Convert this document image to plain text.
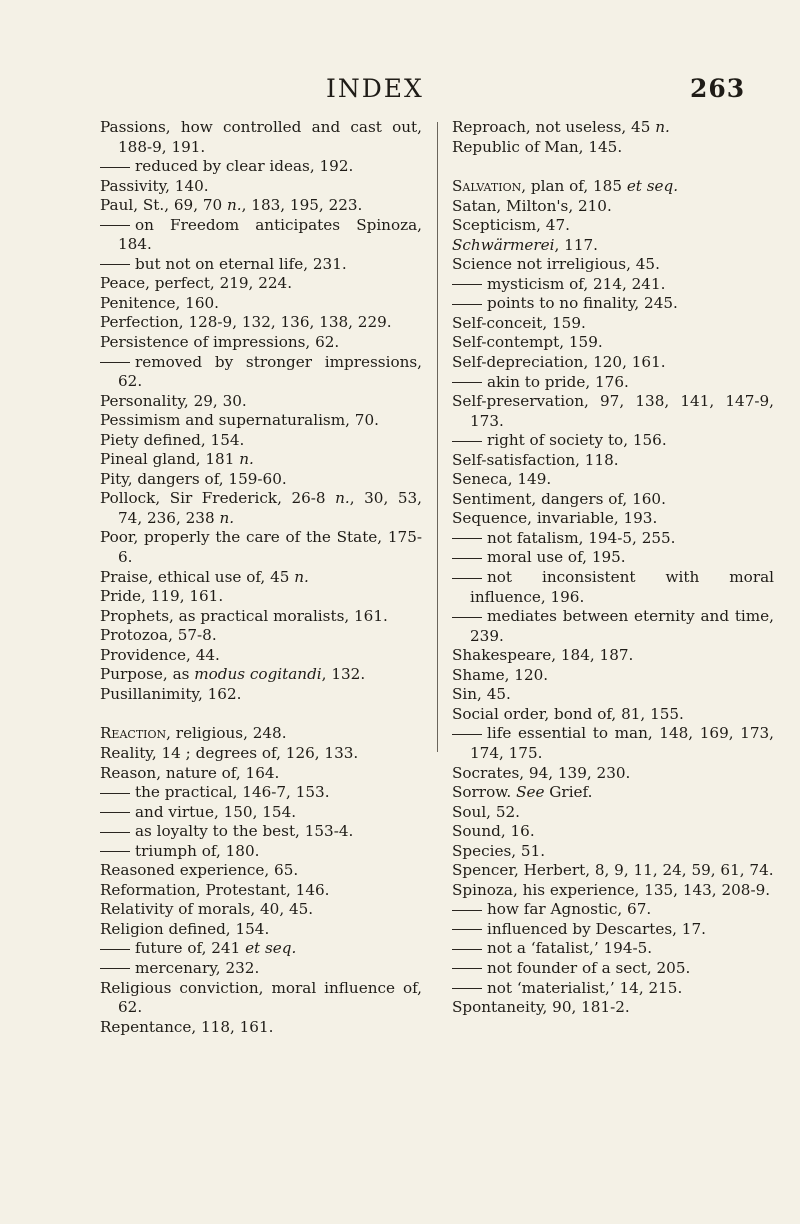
INDEX	263
Passions, how controlled and cast out, 188-9, 191.
reduced by clear ideas, 192.
Passivity, 140.
Paul, St., 69, 70 n., 183, 195, 223.
on Freedom anticipates Spinoza, 184.
but not on eternal life, 231.
Peace, perfect, 219, 224.
Penitence, 160.
Perfection, 128-9, 132, 136, 138, 229.
Persistence of impressions, 62.
removed by stronger impressions, 62.
Personality, 29, 30.
Pessimism and supernaturalism, 70.
Piety defined, 154.
Pineal gland, 181 n.
Pity, dangers of, 159-60.
Pollock, Sir Frederick, 26-8 n., 30, 53, 74, 236, 238 n.
Poor, properly the care of the State, 175-6.
Praise, ethical use of, 45 n.
Pride, 119, 161.
Prophets, as practical moralists, 161.
Protozoa, 57-8.
Providence, 44.
Purpose, as modus cogitandi, 132.
Pusillanimity, 162.
Reaction, religious, 248.
Reality, 14 ; degrees of, 126, 133.
Reason, nature of, 164.
the practical, 146-7, 153.
and virtue, 150, 154.
as loyalty to the best, 153-4.
triumph of, 180.
Reasoned experience, 65.
Reformation, Protestant, 146.
Relativity of morals, 40, 45.
Religion defined, 154.
future of, 241 et seq.
mercenary, 232.
Religious conviction, moral influence of, 62.
Repentance, 118, 161.
Reproach, not useless, 45 n.
Republic of Man, 145.
Salvation, plan of, 185 et seq.
Satan, Milton's, 210.
Scepticism, 47.
Schwärmerei, 117.
Science not irreligious, 45.
mysticism of, 214, 241.
points to no finality, 245.
Self-conceit, 159.
Self-contempt, 159.
Self-depreciation, 120, 161.
akin to pride, 176.
Self-preservation, 97, 138, 141, 147-9, 173.
right of society to, 156.
Self-satisfaction, 118.
Seneca, 149.
Sentiment, dangers of, 160.
Sequence, invariable, 193.
not fatalism, 194-5, 255.
moral use of, 195.
not inconsistent with moral influence, 196.
mediates between eternity and time, 239.
Shakespeare, 184, 187.
Shame, 120.
Sin, 45.
Social order, bond of, 81, 155.
life essential to man, 148, 169, 173, 174, 175.
Socrates, 94, 139, 230.
Sorrow. See Grief.
Soul, 52.
Sound, 16.
Species, 51.
Spencer, Herbert, 8, 9, 11, 24, 59, 61, 74.
Spinoza, his experience, 135, 143, 208-9.
how far Agnostic, 67.
influenced by Descartes, 17.
not a ‘fatalist,’ 194-5.
not founder of a sect, 205.
not ‘materialist,’ 14, 215.
Spontaneity, 90, 181-2.
